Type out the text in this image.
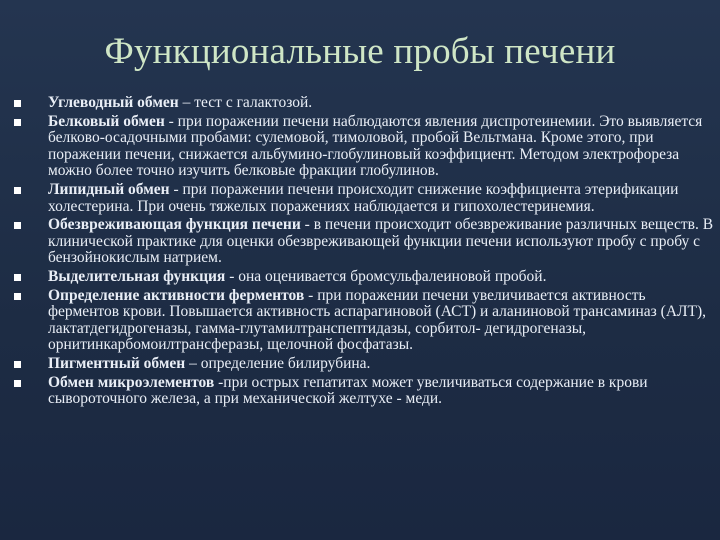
Функциональные пробы печени
Углеводный обмен – тест с галактозой.
Белковый обмен - при поражении печени наблюдаются явления диспротеинемии. Это выявляется белково-осадочными пробами: сулемовой, тимоловой, пробой Вельтмана. Кроме этого, при поражении печени, снижается альбумино-глобулиновый коэффициент. Методом электрофореза можно более точно изучить белковые фракции глобулинов.
Липидный обмен - при поражении печени происходит снижение коэффициента этерификации холестерина. При очень тяжелых поражениях наблюдается и гипохолестеринемия.
Обезвреживающая функция печени - в печени происходит обезвреживание различных веществ. В клинической практике для оценки обезвреживающей функции печени используют пробу с пробу с бензойнокислым натрием.
Выделительная функция - она оценивается бромсульфалеиновой пробой.
Определение активности ферментов - при поражении печени увеличивается активность ферментов крови. Повышается активность аспарагиновой (АСТ) и аланиновой трансаминаз (АЛТ), лактатдегидрогеназы, гамма-глутамилтранспептидазы, сорбитол- дегидрогеназы, орнитинкарбомоилтрансферазы, щелочной фосфатазы.
Пигментный обмен – определение билирубина.
Обмен микроэлементов -при острых гепатитах может увеличиваться содержание в крови сывороточного железа, а при механической желтухе - меди.
